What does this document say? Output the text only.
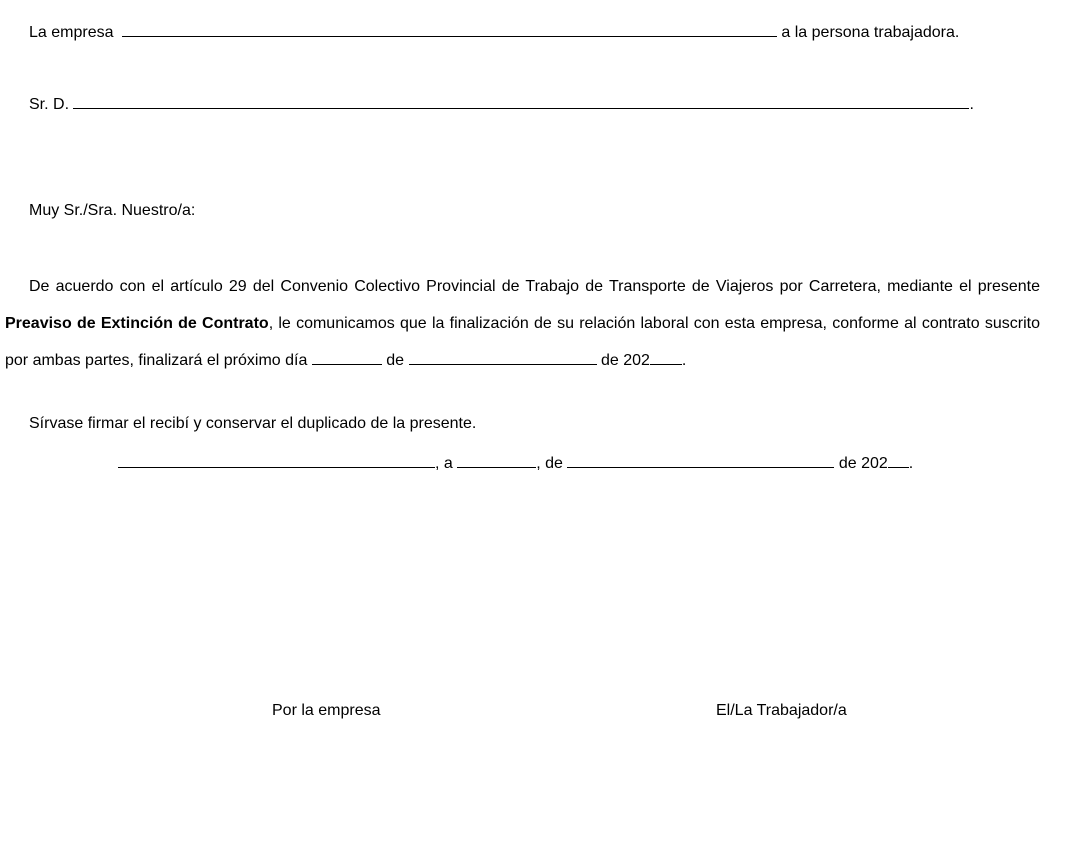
La empresa	a la persona trabajadora.
Sr. D.	.
Muy Sr./Sra. Nuestro/a:
De acuerdo con el artículo 29 del Convenio Colectivo Provincial de Trabajo de Transporte de Viajeros por Carretera, mediante el presente Preaviso de Extinción de Contrato, le comunicamos que la finalización de su relación laboral con esta empresa, conforme al contrato suscrito por ambas partes, finalizará el próximo día	de	de 202 .
Sírvase firmar el recibí y conservar el duplicado de la presente.
, a	, de	de 202 .
Por la empresa	El/La Trabajador/a
